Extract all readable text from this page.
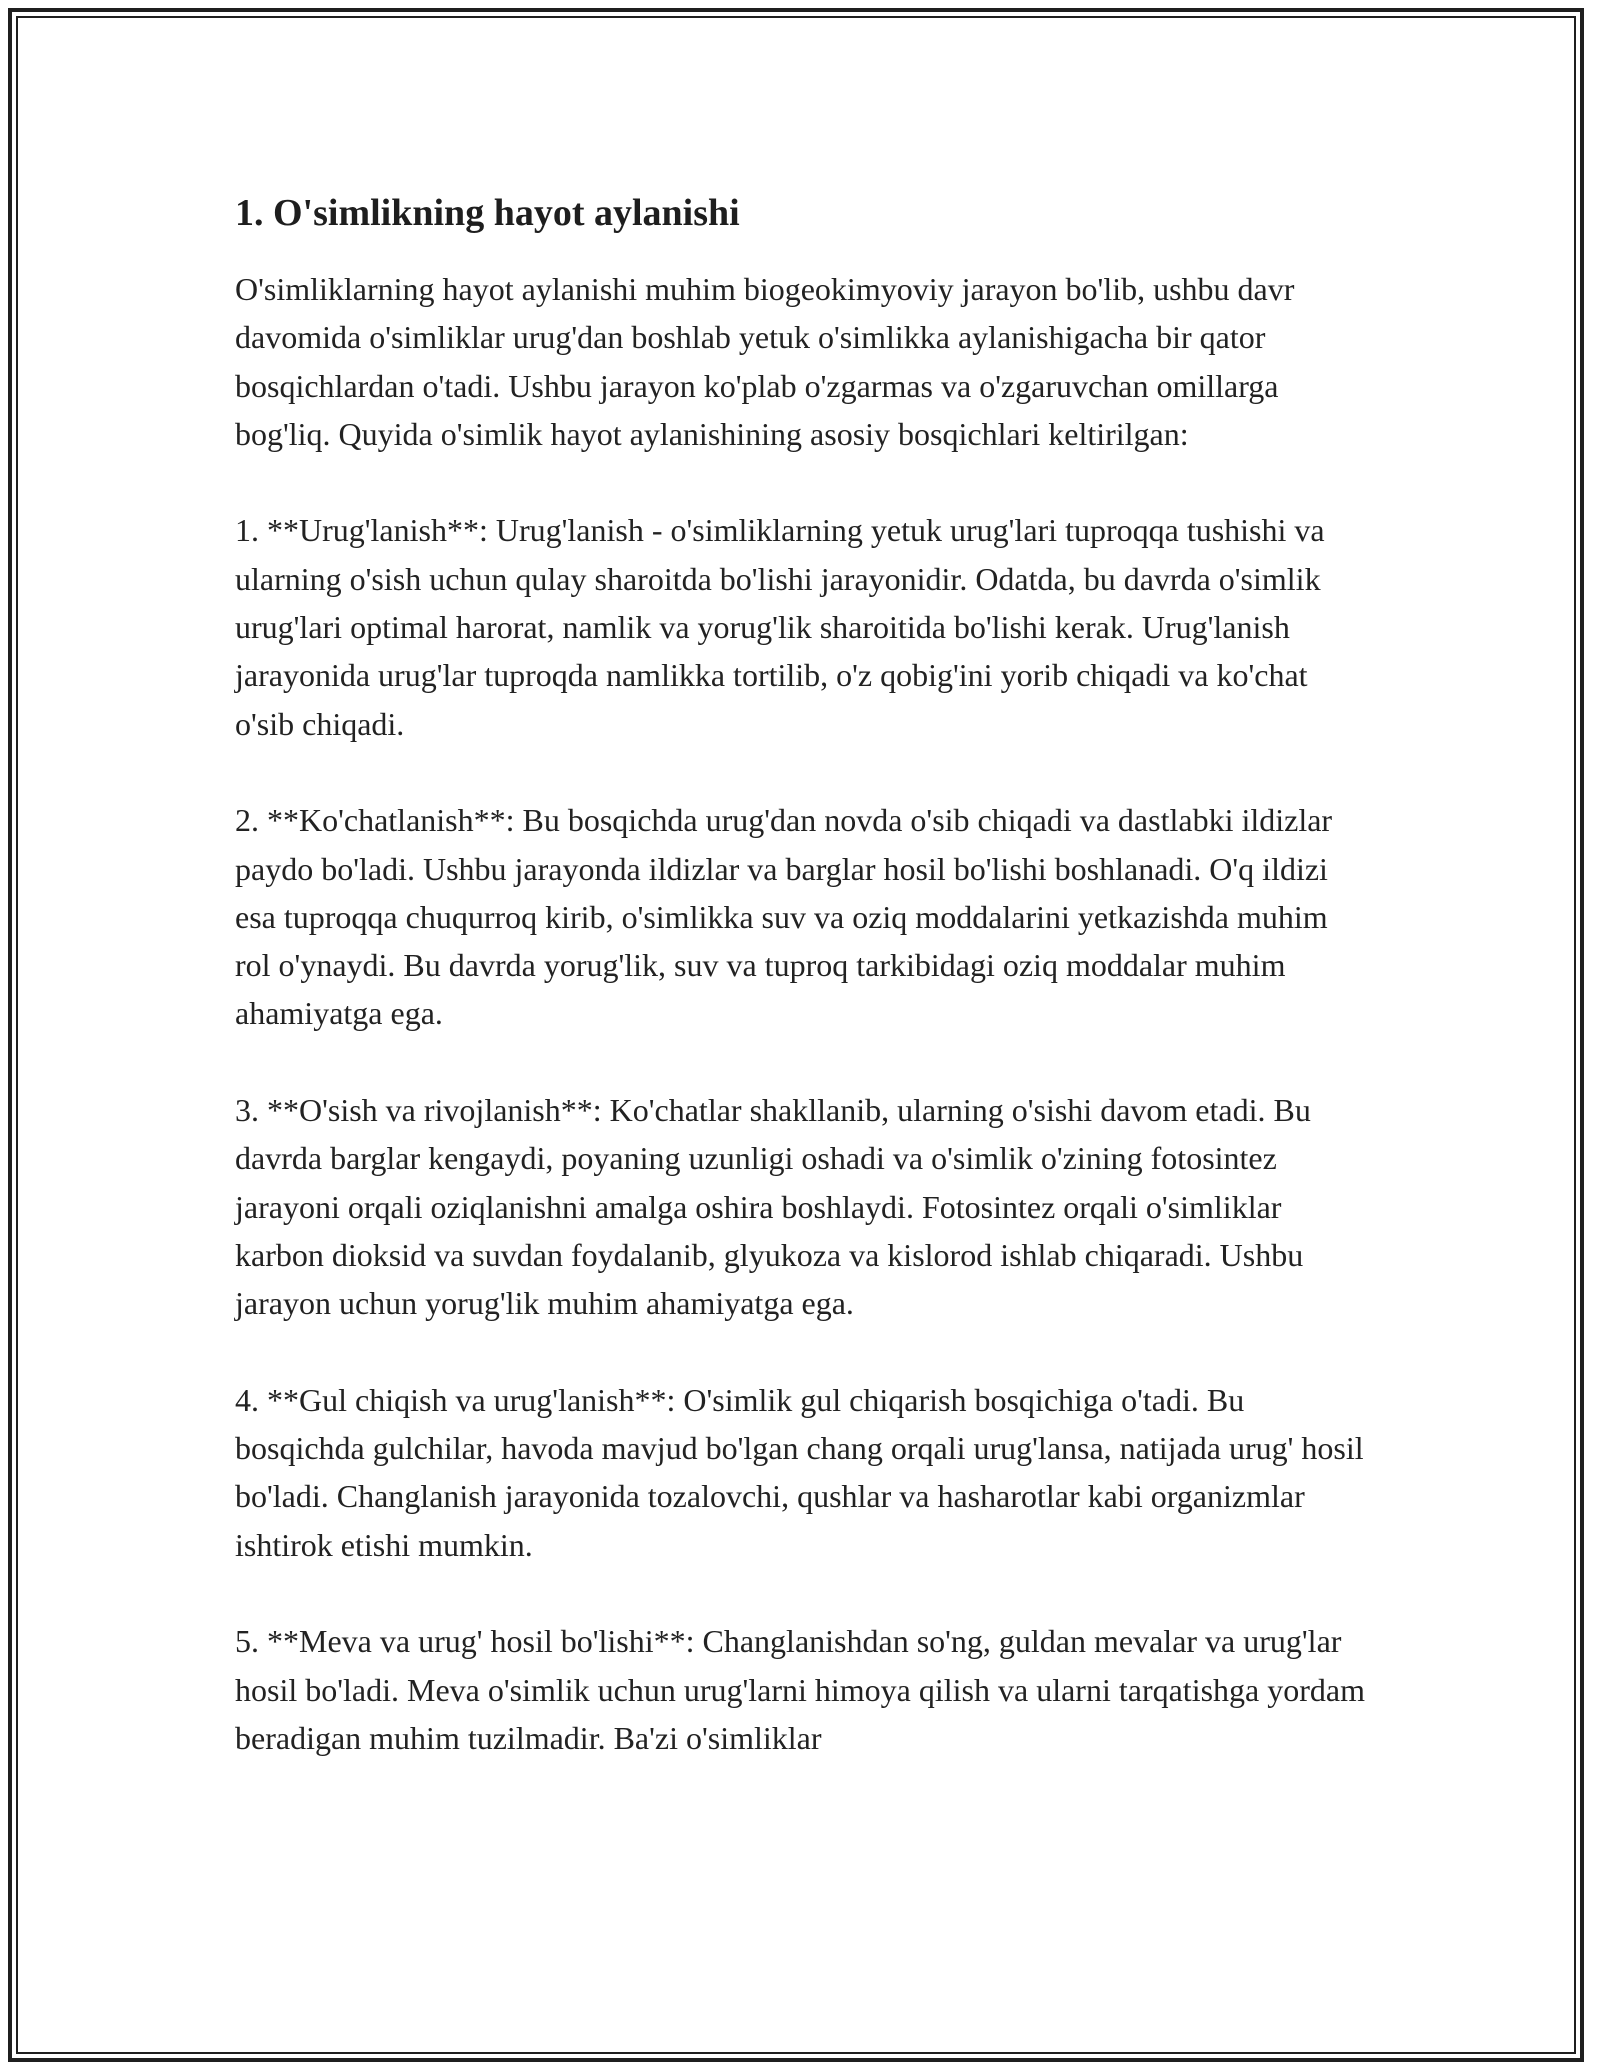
1. O'simlikning hayot aylanishi

O'simliklarning hayot aylanishi muhim biogeokimyoviy jarayon bo'lib, ushbu davr davomida o'simliklar urug'dan boshlab yetuk o'simlikka aylanishigacha bir qator bosqichlardan o'tadi. Ushbu jarayon ko'plab o'zgarmas va o'zgaruvchan omillarga bog'liq. Quyida o'simlik hayot aylanishining asosiy bosqichlari keltirilgan:

1. **Urug'lanish**: Urug'lanish - o'simliklarning yetuk urug'lari tuproqqa tushishi va ularning o'sish uchun qulay sharoitda bo'lishi jarayonidir. Odatda, bu davrda o'simlik urug'lari optimal harorat, namlik va yorug'lik sharoitida bo'lishi kerak. Urug'lanish jarayonida urug'lar tuproqda namlikka tortilib, o'z qobig'ini yorib chiqadi va ko'chat o'sib chiqadi.

2. **Ko'chatlanish**: Bu bosqichda urug'dan novda o'sib chiqadi va dastlabki ildizlar paydo bo'ladi. Ushbu jarayonda ildizlar va barglar hosil bo'lishi boshlanadi. O'q ildizi esa tuproqqa chuqurroq kirib, o'simlikka suv va oziq moddalarini yetkazishda muhim rol o'ynaydi. Bu davrda yorug'lik, suv va tuproq tarkibidagi oziq moddalar muhim ahamiyatga ega.

3. **O'sish va rivojlanish**: Ko'chatlar shakllanib, ularning o'sishi davom etadi. Bu davrda barglar kengaydi, poyaning uzunligi oshadi va o'simlik o'zining fotosintez jarayoni orqali oziqlanishni amalga oshira boshlaydi. Fotosintez orqali o'simliklar karbon dioksid va suvdan foydalanib, glyukoza va kislorod ishlab chiqaradi. Ushbu jarayon uchun yorug'lik muhim ahamiyatga ega.

4. **Gul chiqish va urug'lanish**: O'simlik gul chiqarish bosqichiga o'tadi. Bu bosqichda gulchilar, havoda mavjud bo'lgan chang orqali urug'lansa, natijada urug' hosil bo'ladi. Changlanish jarayonida tozalovchi, qushlar va hasharotlar kabi organizmlar ishtirok etishi mumkin.

5. **Meva va urug' hosil bo'lishi**: Changlanishdan so'ng, guldan mevalar va urug'lar hosil bo'ladi. Meva o'simlik uchun urug'larni himoya qilish va ularni tarqatishga yordam beradigan muhim tuzilmadir. Ba'zi o'simliklar
